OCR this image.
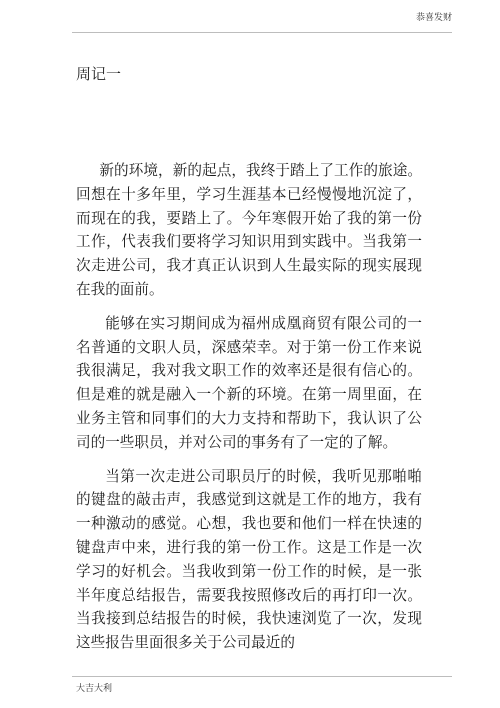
恭喜发财
周记一

新的环境，新的起点，我终于踏上了工作的旅途。回想在十多年里，学习生涯基本已经慢慢地沉淀了，而现在的我，要踏上了。今年寒假开始了我的第一份工作，代表我们要将学习知识用到实践中。当我第一次走进公司，我才真正认识到人生最实际的现实展现在我的面前。

能够在实习期间成为福州成凰商贸有限公司的一名普通的文职人员，深感荣幸。对于第一份工作来说我很满足，我对我文职工作的效率还是很有信心的。但是难的就是融入一个新的环境。在第一周里面，在业务主管和同事们的大力支持和帮助下，我认识了公司的一些职员，并对公司的事务有了一定的了解。

当第一次走进公司职员厅的时候，我听见那啪啪的键盘的敲击声，我感觉到这就是工作的地方，我有一种激动的感觉。心想，我也要和他们一样在快速的键盘声中来，进行我的第一份工作。这是工作是一次学习的好机会。当我收到第一份工作的时候，是一张半年度总结报告，需要我按照修改后的再打印一次。当我接到总结报告的时候，我快速浏览了一次，发现这些报告里面很多关于公司最近的

大吉大利
